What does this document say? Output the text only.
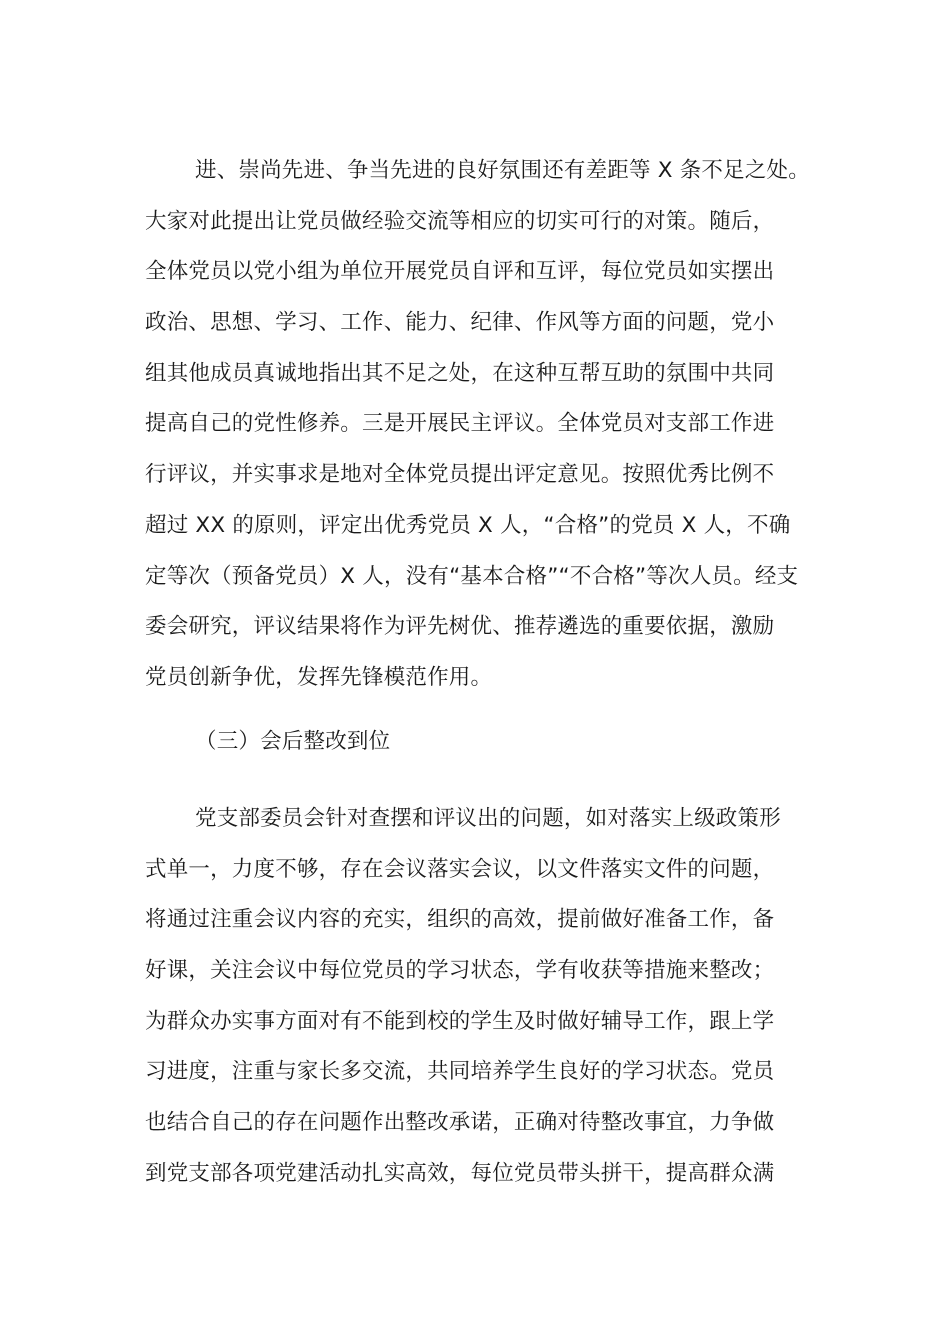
进、崇尚先进、争当先进的良好氛围还有差距等 X 条不足之处。
大家对此提出让党员做经验交流等相应的切实可行的对策。随后，
全体党员以党小组为单位开展党员自评和互评，每位党员如实摆出
政治、思想、学习、工作、能力、纪律、作风等方面的问题，党小
组其他成员真诚地指出其不足之处，在这种互帮互助的氛围中共同
提高自己的党性修养。三是开展民主评议。全体党员对支部工作进
行评议，并实事求是地对全体党员提出评定意见。按照优秀比例不
超过 XX 的原则，评定出优秀党员 X 人，“合格”的党员 X 人，不确
定等次（预备党员）X 人，没有“基本合格”“不合格”等次人员。经支
委会研究，评议结果将作为评先树优、推荐遴选的重要依据，激励
党员创新争优，发挥先锋模范作用。
（三）会后整改到位
党支部委员会针对查摆和评议出的问题，如对落实上级政策形
式单一，力度不够，存在会议落实会议，以文件落实文件的问题，
将通过注重会议内容的充实，组织的高效，提前做好准备工作，备
好课，关注会议中每位党员的学习状态，学有收获等措施来整改；
为群众办实事方面对有不能到校的学生及时做好辅导工作，跟上学
习进度，注重与家长多交流，共同培养学生良好的学习状态。党员
也结合自己的存在问题作出整改承诺，正确对待整改事宜，力争做
到党支部各项党建活动扎实高效，每位党员带头拼干，提高群众满
